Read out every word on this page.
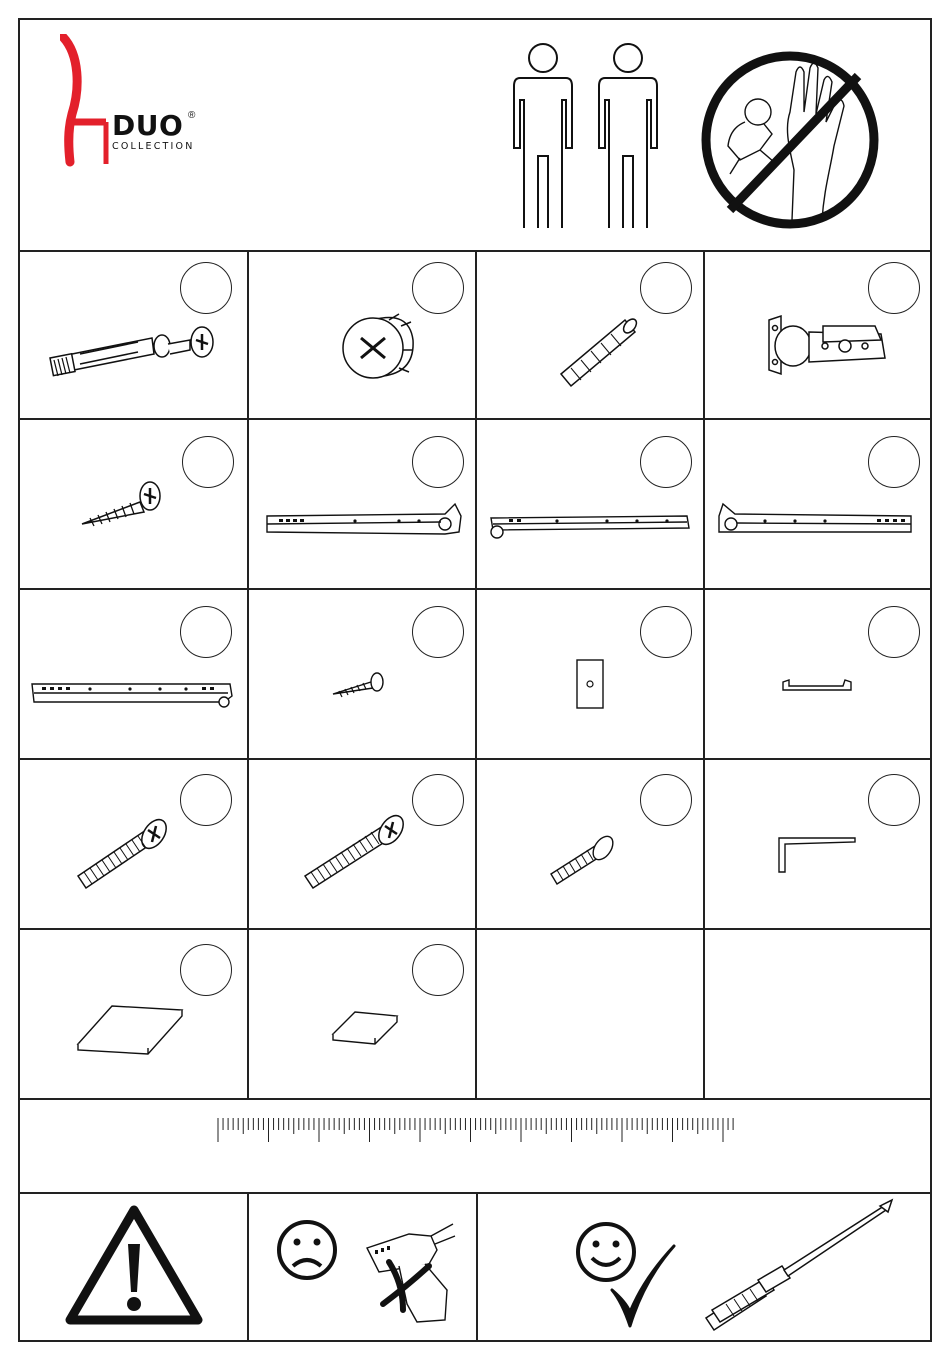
DUO ®
COLLECTION
